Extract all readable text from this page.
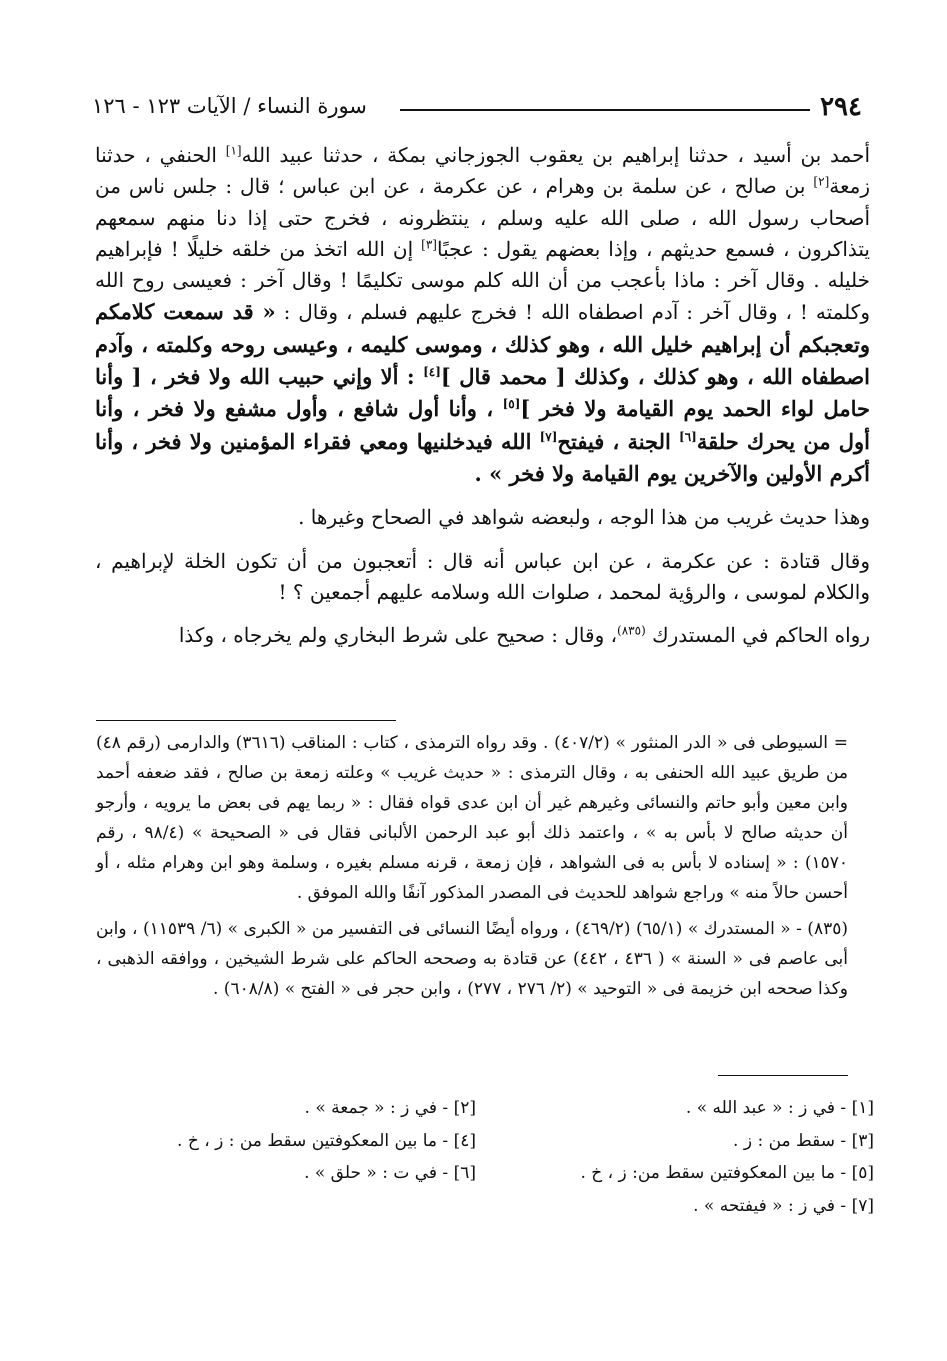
٢٩٤
سورة النساء / الآيات ١٢٣ - ١٢٦

أحمد بن أسيد ، حدثنا إبراهيم بن يعقوب الجوزجاني بمكة ، حدثنا عبيد الله[١] الحنفي ، حدثنا زمعة[٢] بن صالح ، عن سلمة بن وهرام ، عن عكرمة ، عن ابن عباس ؛ قال : جلس ناس من أصحاب رسول الله ، صلى الله عليه وسلم ، ينتظرونه ، فخرج حتى إذا دنا منهم سمعهم يتذاكرون ، فسمع حديثهم ، وإذا بعضهم يقول : عجبًا[٣] إن الله اتخذ من خلقه خليلًا ! فإبراهيم خليله . وقال آخر : ماذا بأعجب من أن الله كلم موسى تكليمًا ! وقال آخر : فعيسى روح الله وكلمته ! ، وقال آخر : آدم اصطفاه الله ! فخرج عليهم فسلم ، وقال : « قد سمعت كلامكم وتعجبكم أن إبراهيم خليل الله ، وهو كذلك ، وموسى كليمه ، وعيسى روحه وكلمته ، وآدم اصطفاه الله ، وهو كذلك ، وكذلك [ محمد قال ][٤] : ألا وإني حبيب الله ولا فخر ، [ وأنا حامل لواء الحمد يوم القيامة ولا فخر ][٥] ، وأنا أول شافع ، وأول مشفع ولا فخر ، وأنا أول من يحرك حلقة[٦] الجنة ، فيفتح[٧] الله فيدخلنيها ومعي فقراء المؤمنين ولا فخر ، وأنا أكرم الأولين والآخرين يوم القيامة ولا فخر » .

وهذا حديث غريب من هذا الوجه ، ولبعضه شواهد في الصحاح وغيرها .

وقال قتادة : عن عكرمة ، عن ابن عباس أنه قال : أتعجبون من أن تكون الخلة لإبراهيم ، والكلام لموسى ، والرؤية لمحمد ، صلوات الله وسلامه عليهم أجمعين ؟ !

رواه الحاكم في المستدرك $^{(٨٣٥)}$، وقال : صحيح على شرط البخاري ولم يخرجاه ، وكذا

= السيوطى فى « الدر المنثور » (٤٠٧/٢) . وقد رواه الترمذى ، كتاب : المناقب (٣٦١٦) والدارمى (رقم ٤٨) من طريق عبيد الله الحنفى به ، وقال الترمذى : « حديث غريب » وعلته زمعة بن صالح ، فقد ضعفه أحمد وابن معين وأبو حاتم والنسائى وغيرهم غير أن ابن عدى قواه فقال : « ربما يهم فى بعض ما يرويه ، وأرجو أن حديثه صالح لا بأس به » ، واعتمد ذلك أبو عبد الرحمن الألبانى فقال فى « الصحيحة » (٩٨/٤ ، رقم ١٥٧٠) : « إسناده لا بأس به فى الشواهد ، فإن زمعة ، قرنه مسلم بغيره ، وسلمة وهو ابن وهرام مثله ، أو أحسن حالاً منه » وراجع شواهد للحديث فى المصدر المذكور آنفًا والله الموفق .

(٨٣٥) - « المستدرك » (٦٥/١) (٤٦٩/٢) ، ورواه أيضًا النسائى فى التفسير من « الكبرى » (٦/ ١١٥٣٩) ، وابن أبى عاصم فى « السنة » ( ٤٣٦ ، ٤٤٢) عن قتادة به وصححه الحاكم على شرط الشيخين ، ووافقه الذهبى ، وكذا صححه ابن خزيمة فى « التوحيد » (٢/ ٢٧٦ ، ٢٧٧) ، وابن حجر فى « الفتح » (٦٠٨/٨) .

[١] - في ز : « عبد الله » .
[٣] - سقط من : ز .
[٥] - ما بين المعكوفتين سقط من: ز ، خ .
[٧] - في ز : « فيفتحه » .
[٢] - في ز : « جمعة » .
[٤] - ما بين المعكوفتين سقط من : ز ، خ .
[٦] - في ت : « حلق » .
